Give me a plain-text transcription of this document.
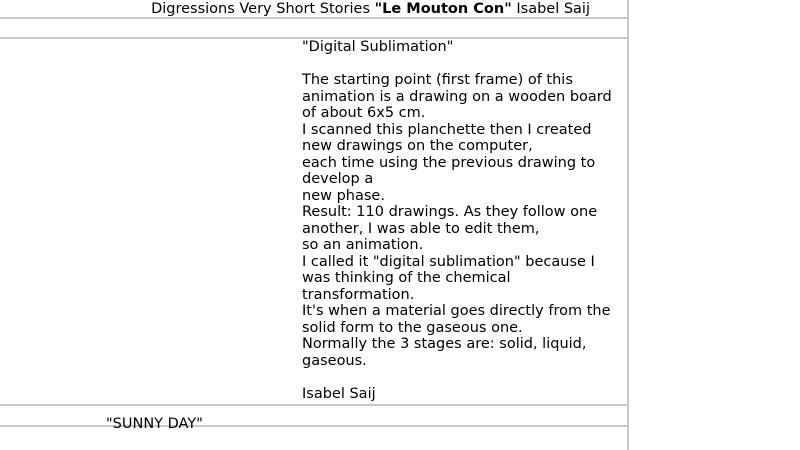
Digressions Very Short Stories "Le Mouton Con" Isabel Saij
"Digital Sublimation"
The starting point (first frame) of this animation is a drawing on a wooden board of about 6x5 cm.
I scanned this planchette then I created new drawings on the computer,
each time using the previous drawing to develop a
new phase.
Result: 110 drawings. As they follow one another, I was able to edit them,
so an animation.
I called it "digital sublimation" because I was thinking of the chemical transformation.
It's when a material goes directly from the solid form to the gaseous one.
Normally the 3 stages are: solid, liquid, gaseous.
Isabel Saij
"SUNNY DAY"
